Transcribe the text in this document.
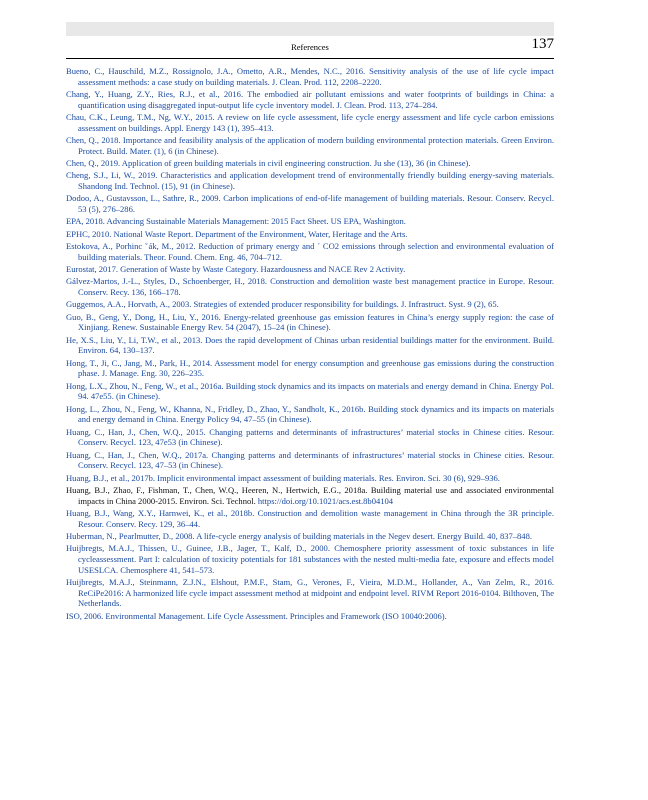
References	137
Bueno, C., Hauschild, M.Z., Rossignolo, J.A., Ometto, A.R., Mendes, N.C., 2016. Sensitivity analysis of the use of life cycle impact assessment methods: a case study on building materials. J. Clean. Prod. 112, 2208–2220.
Chang, Y., Huang, Z.Y., Ries, R.J., et al., 2016. The embodied air pollutant emissions and water footprints of buildings in China: a quantification using disaggregated input-output life cycle inventory model. J. Clean. Prod. 113, 274–284.
Chau, C.K., Leung, T.M., Ng, W.Y., 2015. A review on life cycle assessment, life cycle energy assessment and life cycle carbon emissions assessment on buildings. Appl. Energy 143 (1), 395–413.
Chen, Q., 2018. Importance and feasibility analysis of the application of modern building environmental protection materials. Green Environ. Protect. Build. Mater. (1), 6 (in Chinese).
Chen, Q., 2019. Application of green building materials in civil engineering construction. Ju she (13), 36 (in Chinese).
Cheng, S.J., Li, W., 2019. Characteristics and application development trend of environmentally friendly building energy-saving materials. Shandong Ind. Technol. (15), 91 (in Chinese).
Dodoo, A., Gustavsson, L., Sathre, R., 2009. Carbon implications of end-of-life management of building materials. Resour. Conserv. Recycl. 53 (5), 276–286.
EPA, 2018. Advancing Sustainable Materials Management: 2015 Fact Sheet. US EPA, Washington.
EPHC, 2010. National Waste Report. Department of the Environment, Water, Heritage and the Arts.
Estokova, A., Porhinc ˇák, M., 2012. Reduction of primary energy and ´ CO2 emissions through selection and environmental evaluation of building materials. Theor. Found. Chem. Eng. 46, 704–712.
Eurostat, 2017. Generation of Waste by Waste Category. Hazardousness and NACE Rev 2 Activity.
Gálvez-Martos, J.-L., Styles, D., Schoenberger, H., 2018. Construction and demolition waste best management practice in Europe. Resour. Conserv. Recy. 136, 166–178.
Guggemos, A.A., Horvath, A., 2003. Strategies of extended producer responsibility for buildings. J. Infrastruct. Syst. 9 (2), 65.
Guo, B., Geng, Y., Dong, H., Liu, Y., 2016. Energy-related greenhouse gas emission features in China’s energy supply region: the case of Xinjiang. Renew. Sustainable Energy Rev. 54 (2047), 15–24 (in Chinese).
He, X.S., Liu, Y., Li, T.W., et al., 2013. Does the rapid development of Chinas urban residential buildings matter for the environment. Build. Environ. 64, 130–137.
Hong, T., Ji, C., Jang, M., Park, H., 2014. Assessment model for energy consumption and greenhouse gas emissions during the construction phase. J. Manage. Eng. 30, 226–235.
Hong, L.X., Zhou, N., Feng, W., et al., 2016a. Building stock dynamics and its impacts on materials and energy demand in China. Energy Pol. 94. 47e55. (in Chinese).
Hong, L., Zhou, N., Feng, W., Khanna, N., Fridley, D., Zhao, Y., Sandholt, K., 2016b. Building stock dynamics and its impacts on materials and energy demand in China. Energy Policy 94, 47–55 (in Chinese).
Huang, C., Han, J., Chen, W.Q., 2015. Changing patterns and determinants of infrastructures’ material stocks in Chinese cities. Resour. Conserv. Recycl. 123, 47e53 (in Chinese).
Huang, C., Han, J., Chen, W.Q., 2017a. Changing patterns and determinants of infrastructures’ material stocks in Chinese cities. Resour. Conserv. Recycl. 123, 47–53 (in Chinese).
Huang, B.J., et al., 2017b. Implicit environmental impact assessment of building materials. Res. Environ. Sci. 30 (6), 929–936.
Huang, B.J., Zhao, F., Fishman, T., Chen, W.Q., Heeren, N., Hertwich, E.G., 2018a. Building material use and associated environmental impacts in China 2000-2015. Environ. Sci. Technol. https://doi.org/10.1021/acs.est.8b04104
Huang, B.J., Wang, X.Y., Harnwei, K., et al., 2018b. Construction and demolition waste management in China through the 3R principle. Resour. Conserv. Recy. 129, 36–44.
Huberman, N., Pearlmutter, D., 2008. A life-cycle energy analysis of building materials in the Negev desert. Energy Build. 40, 837–848.
Huijbregts, M.A.J., Thissen, U., Guinee, J.B., Jager, T., Kalf, D., 2000. Chemosphere priority assessment of toxic substances in life cycleassessment. Part I: calculation of toxicity potentials for 181 substances with the nested multi-media fate, exposure and effects model USESLCA. Chemosphere 41, 541–573.
Huijbregts, M.A.J., Steinmann, Z.J.N., Elshout, P.M.F., Stam, G., Verones, F., Vieira, M.D.M., Hollander, A., Van Zelm, R., 2016. ReCiPe2016: A harmonized life cycle impact assessment method at midpoint and endpoint level. RIVM Report 2016-0104. Bilthoven, The Netherlands.
ISO, 2006. Environmental Management. Life Cycle Assessment. Principles and Framework (ISO 10040:2006).
